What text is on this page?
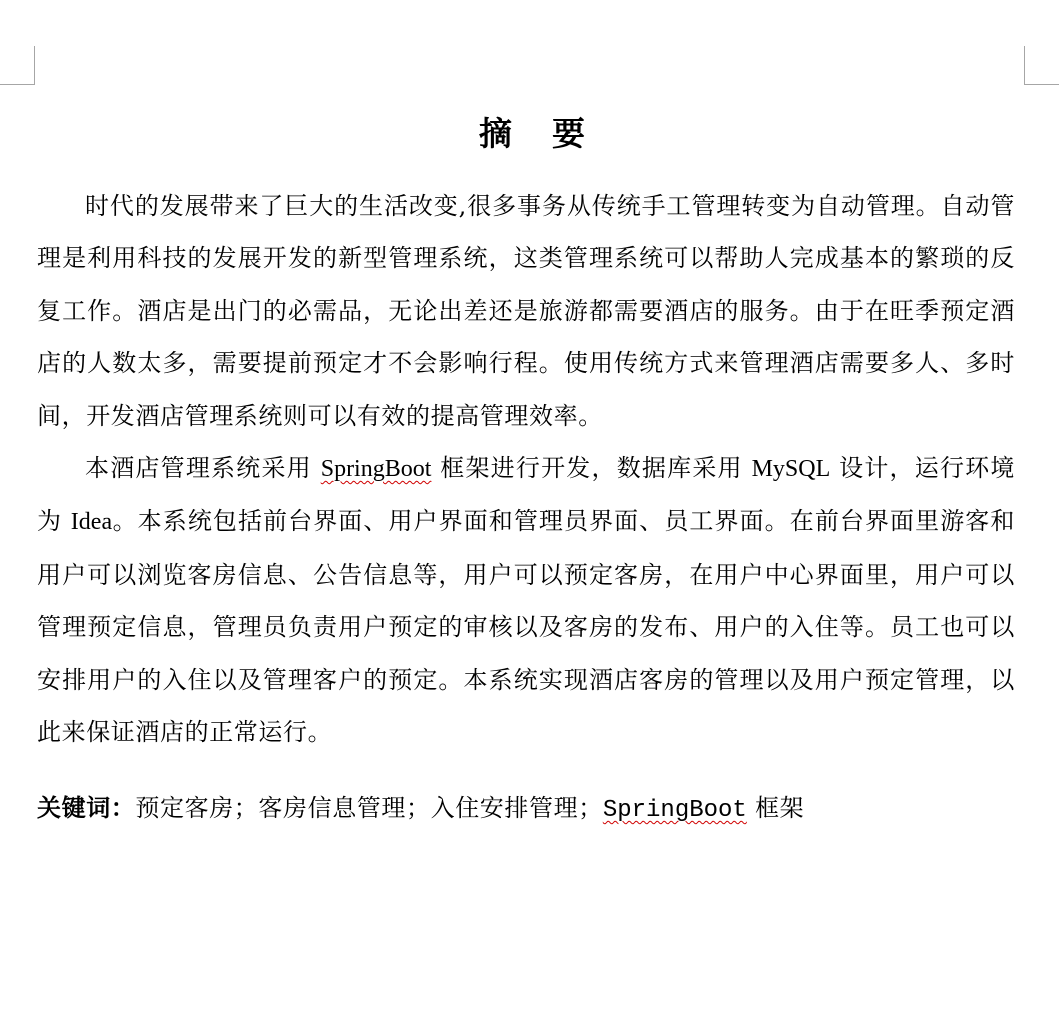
摘 要

时代的发展带来了巨大的生活改变,很多事务从传统手工管理转变为自动管理。自动管理是利用科技的发展开发的新型管理系统，这类管理系统可以帮助人完成基本的繁琐的反复工作。酒店是出门的必需品，无论出差还是旅游都需要酒店的服务。由于在旺季预定酒店的人数太多，需要提前预定才不会影响行程。使用传统方式来管理酒店需要多人、多时间，开发酒店管理系统则可以有效的提高管理效率。

本酒店管理系统采用 SpringBoot 框架进行开发，数据库采用 MySQL 设计，运行环境为 Idea。本系统包括前台界面、用户界面和管理员界面、员工界面。在前台界面里游客和用户可以浏览客房信息、公告信息等，用户可以预定客房，在用户中心界面里，用户可以管理预定信息，管理员负责用户预定的审核以及客房的发布、用户的入住等。员工也可以安排用户的入住以及管理客户的预定。本系统实现酒店客房的管理以及用户预定管理，以此来保证酒店的正常运行。

关键词：预定客房；客房信息管理；入住安排管理；SpringBoot 框架
